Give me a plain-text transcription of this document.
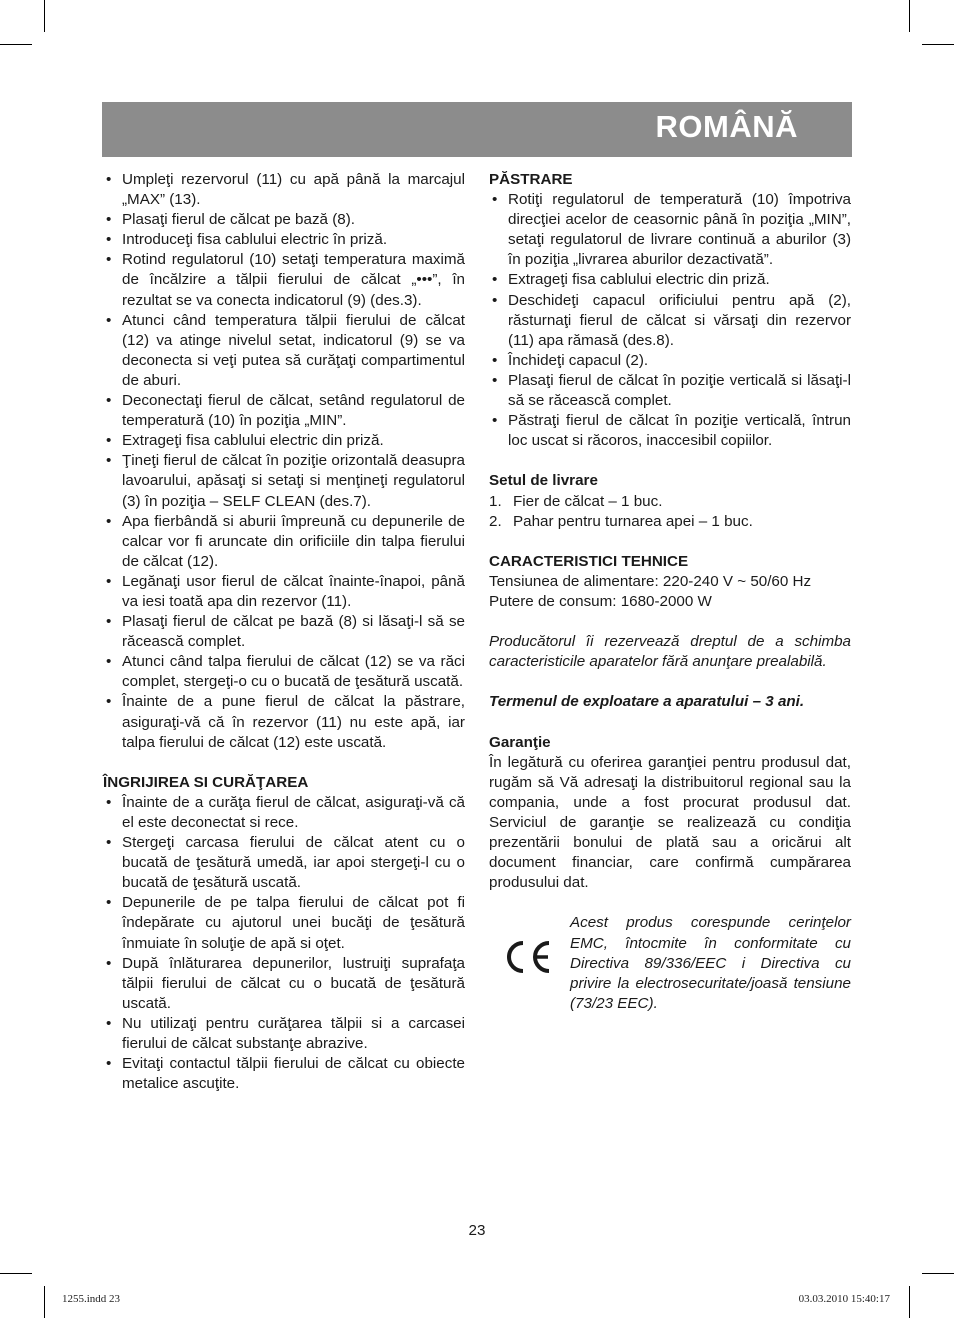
ROMÂNĂ
• Umpleţi rezervorul (11) cu apă până la marcajul „MAX” (13).
• Plasaţi fierul de călcat pe bază (8).
• Introduceţi fisa cablului electric în priză.
• Rotind regulatorul (10) setaţi temperatura maximă de încălzire a tălpii fierului de călcat „•••”, în rezultat se va conecta indicatorul (9) (des.3).
• Atunci când temperatura tălpii fierului de călcat (12) va atinge nivelul setat, indicatorul (9) se va deconecta si veţi putea să curăţaţi compartimentul de aburi.
• Deconectaţi fierul de călcat, setând regulatorul de temperatură (10) în poziţia „MIN”.
• Extrageţi fisa cablului electric din priză.
• Ţineţi fierul de călcat în poziţie orizontală deasupra lavoarului, apăsaţi si setaţi si menţineţi regulatorul (3) în poziţia – SELF CLEAN (des.7).
• Apa fierbândă si aburii împreună cu depunerile de calcar vor fi aruncate din orificiile din talpa fierului de călcat (12).
• Legănaţi usor fierul de călcat înainte-înapoi, până va iesi toată apa din rezervor (11).
• Plasaţi fierul de călcat pe bază (8) si lăsaţi-l să se răcească complet.
• Atunci când talpa fierului de călcat (12) se va răci complet, stergeţi-o cu o bucată de ţesătură uscată.
• Înainte de a pune fierul de călcat la păstrare, asiguraţi-vă că în rezervor (11) nu este apă, iar talpa fierului de călcat (12) este uscată.

ÎNGRIJIREA SI CURĂŢAREA

• Înainte de a curăţa fierul de călcat, asiguraţi-vă că el este deconectat si rece.
• Stergeţi carcasa fierului de călcat atent cu o bucată de ţesătură umedă, iar apoi stergeţi-l cu o bucată de ţesătură uscată.
• Depunerile de pe talpa fierului de călcat pot fi îndepărate cu ajutorul unei bucăţi de ţesătură înmuiate în soluţie de apă si oţet.
• După înlăturarea depunerilor, lustruiţi suprafaţa tălpii fierului de călcat cu o bucată de ţesătură uscată.
• Nu utilizaţi pentru curăţarea tălpii si a carcasei fierului de călcat substanţe abrazive.
• Evitaţi contactul tălpii fierului de călcat cu obiecte metalice ascuţite.

PĂSTRARE

• Rotiţi regulatorul de temperatură (10) împotriva direcţiei acelor de ceasornic până în poziţia „MIN”, setaţi regulatorul de livrare continuă a aburilor (3) în poziţia „livrarea aburilor dezactivată”.
• Extrageţi fisa cablului electric din priză.
• Deschideţi capacul orificiului pentru apă (2), răsturnaţi fierul de călcat si vărsaţi din rezervor (11) apa rămasă (des.8).
• Închideţi capacul (2).
• Plasaţi fierul de călcat în poziţie verticală si lăsaţi-l să se răcească complet.
• Păstraţi fierul de călcat în poziţie verticală, întrun loc uscat si răcoros, inaccesibil copiilor.

Setul de livrare

1. Fier de călcat – 1 buc.
2. Pahar pentru turnarea apei – 1 buc.

CARACTERISTICI TEHNICE

Tensiunea de alimentare: 220-240 V ~ 50/60 Hz

Putere de consum: 1680-2000 W

Producătorul îi rezervează dreptul de a schimba caracteristicile aparatelor fără anunţare prealabilă.

Termenul de exploatare a aparatului – 3 ani.

Garanţie

În legătură cu oferirea garanţiei pentru produsul dat, rugăm să Vă adresaţi la distribuitorul regional sau la compania, unde a fost procurat produsul dat. Serviciul de garanţie se realizează cu condiţia prezentării bonului de plată sau a oricărui alt document financiar, care confirmă cumpărarea produsului dat.

Acest produs corespunde cerinţelor EMC, întocmite în conformitate cu Directiva 89/336/EEC i Directiva cu privire la electrosecuritate/joasă tensiune (73/23 EEC).

23
1255.indd 23	03.03.2010 15:40:17
